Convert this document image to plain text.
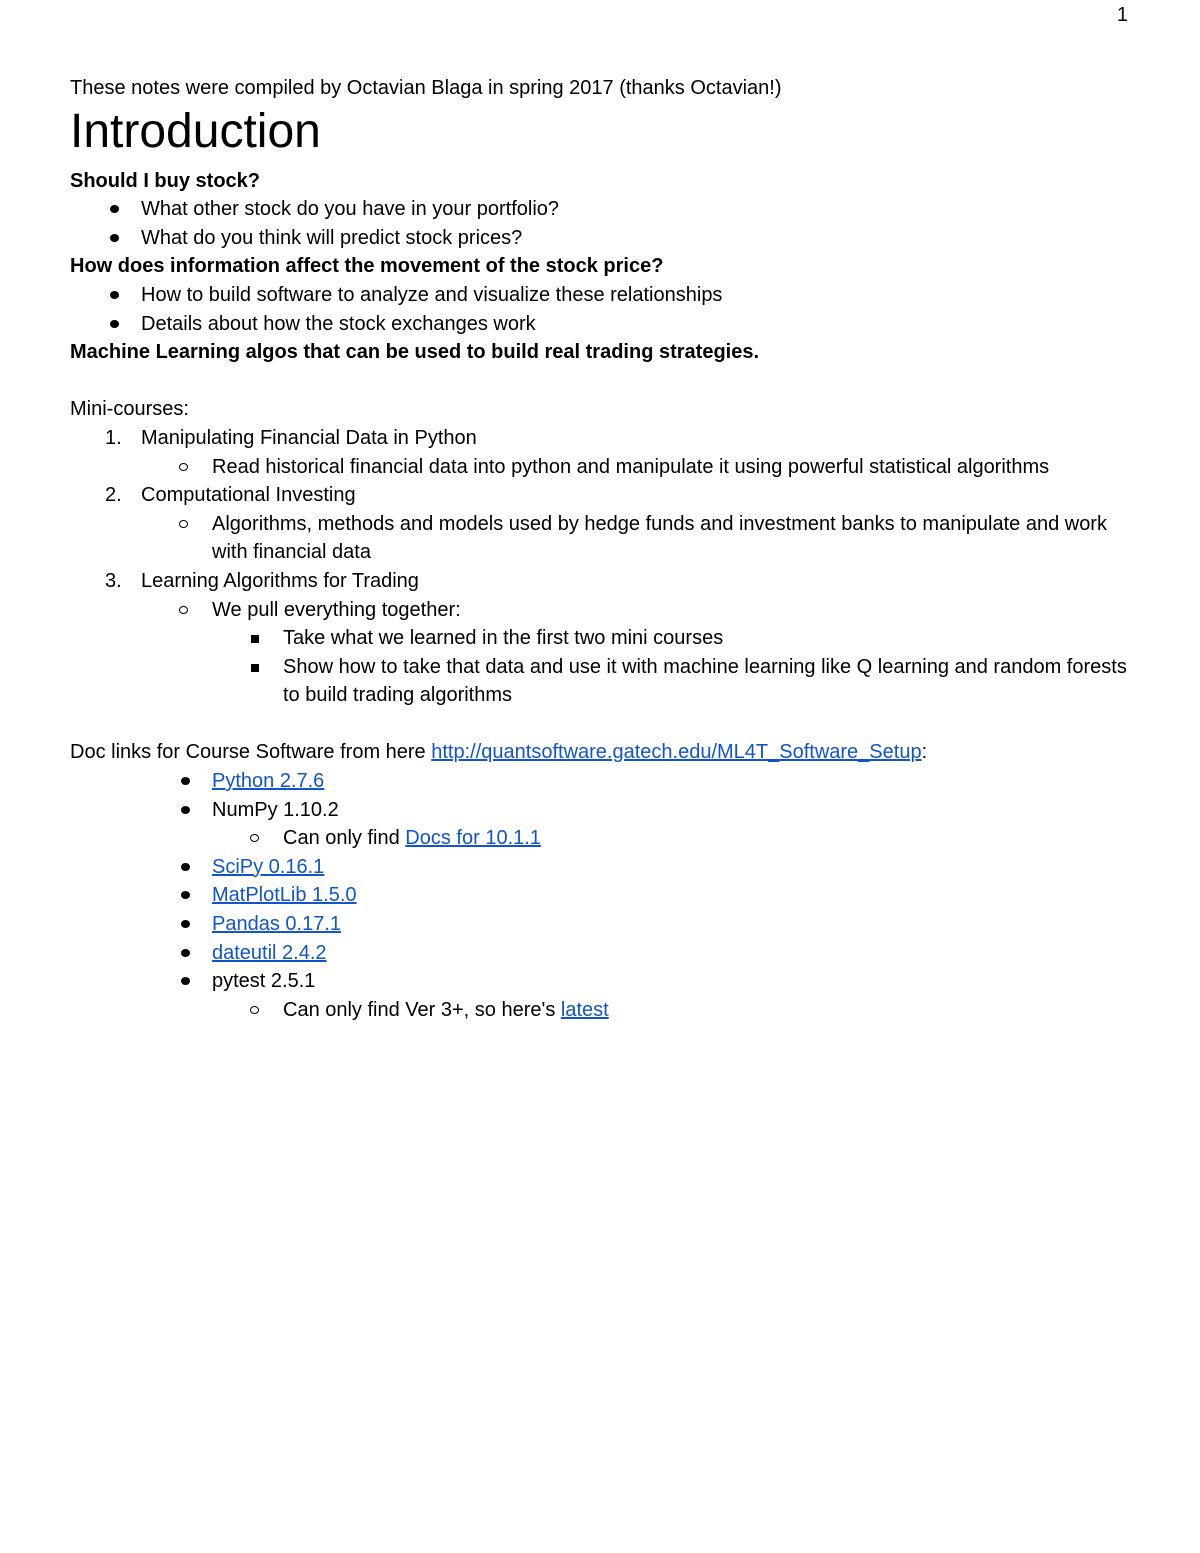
1

These notes were compiled by Octavian Blaga in spring 2017 (thanks Octavian!)

Introduction

Should I buy stock?

What other stock do you have in your portfolio?
What do you think will predict stock prices?

How does information affect the movement of the stock price?

How to build software to analyze and visualize these relationships
Details about how the stock exchanges work

Machine Learning algos that can be used to build real trading strategies.

Mini-courses:

1. Manipulating Financial Data in Python
Read historical financial data into python and manipulate it using powerful statistical algorithms
2. Computational Investing
Algorithms, methods and models used by hedge funds and investment banks to manipulate and work with financial data
3. Learning Algorithms for Trading
We pull everything together:
Take what we learned in the first two mini courses
Show how to take that data and use it with machine learning like Q learning and random forests to build trading algorithms

Doc links for Course Software from here http://quantsoftware.gatech.edu/ML4T_Software_Setup:

Python 2.7.6
NumPy 1.10.2
Can only find Docs for 10.1.1
SciPy 0.16.1
MatPlotLib 1.5.0
Pandas 0.17.1
dateutil 2.4.2
pytest 2.5.1
Can only find Ver 3+, so here's latest
